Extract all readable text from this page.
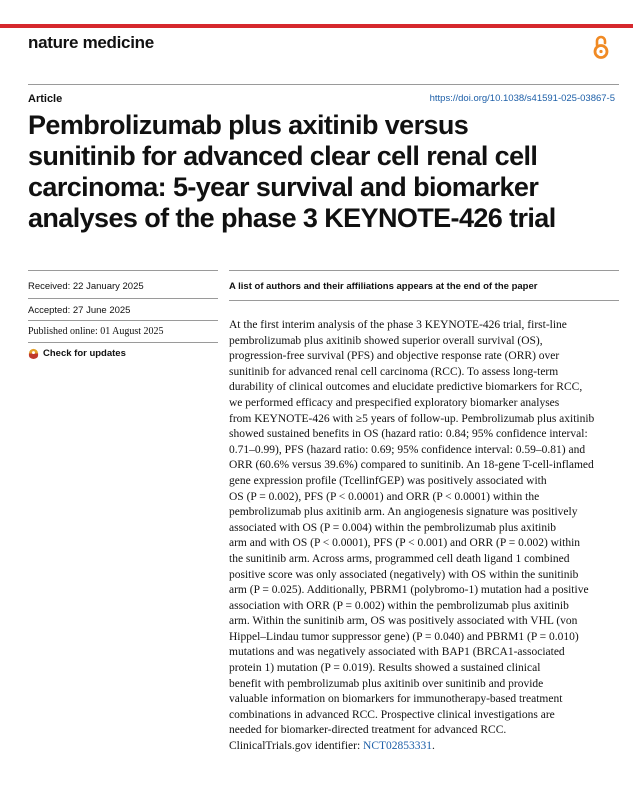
nature medicine
Article	https://doi.org/10.1038/s41591-025-03867-5
Pembrolizumab plus axitinib versus
sunitinib for advanced clear cell renal cell
carcinoma: 5-year survival and biomarker
analyses of the phase 3 KEYNOTE-426 trial
Received: 22 January 2025
Accepted: 27 June 2025
Published online: 01 August 2025
Check for updates
A list of authors and their affiliations appears at the end of the paper
At the first interim analysis of the phase 3 KEYNOTE-426 trial, first-line
pembrolizumab plus axitinib showed superior overall survival (OS),
progression-free survival (PFS) and objective response rate (ORR) over
sunitinib for advanced renal cell carcinoma (RCC). To assess long-term
durability of clinical outcomes and elucidate predictive biomarkers for RCC,
we performed efficacy and prespecified exploratory biomarker analyses
from KEYNOTE-426 with ≥5 years of follow-up. Pembrolizumab plus axitinib
showed sustained benefits in OS (hazard ratio: 0.84; 95% confidence interval:
0.71–0.99), PFS (hazard ratio: 0.69; 95% confidence interval: 0.59–0.81) and
ORR (60.6% versus 39.6%) compared to sunitinib. An 18-gene T-cell-inflamed
gene expression profile (TcellinfGEP) was positively associated with
OS (P = 0.002), PFS (P < 0.0001) and ORR (P < 0.0001) within the
pembrolizumab plus axitinib arm. An angiogenesis signature was positively
associated with OS (P = 0.004) within the pembrolizumab plus axitinib
arm and with OS (P < 0.0001), PFS (P < 0.001) and ORR (P = 0.002) within
the sunitinib arm. Across arms, programmed cell death ligand 1 combined
positive score was only associated (negatively) with OS within the sunitinib
arm (P = 0.025). Additionally, PBRM1 (polybromo-1) mutation had a positive
association with ORR (P = 0.002) within the pembrolizumab plus axitinib
arm. Within the sunitinib arm, OS was positively associated with VHL (von
Hippel–Lindau tumor suppressor gene) (P = 0.040) and PBRM1 (P = 0.010)
mutations and was negatively associated with BAP1 (BRCA1-associated
protein 1) mutation (P = 0.019). Results showed a sustained clinical
benefit with pembrolizumab plus axitinib over sunitinib and provide
valuable information on biomarkers for immunotherapy-based treatment
combinations in advanced RCC. Prospective clinical investigations are
needed for biomarker-directed treatment for advanced RCC.
ClinicalTrials.gov identifier: NCT02853331.
